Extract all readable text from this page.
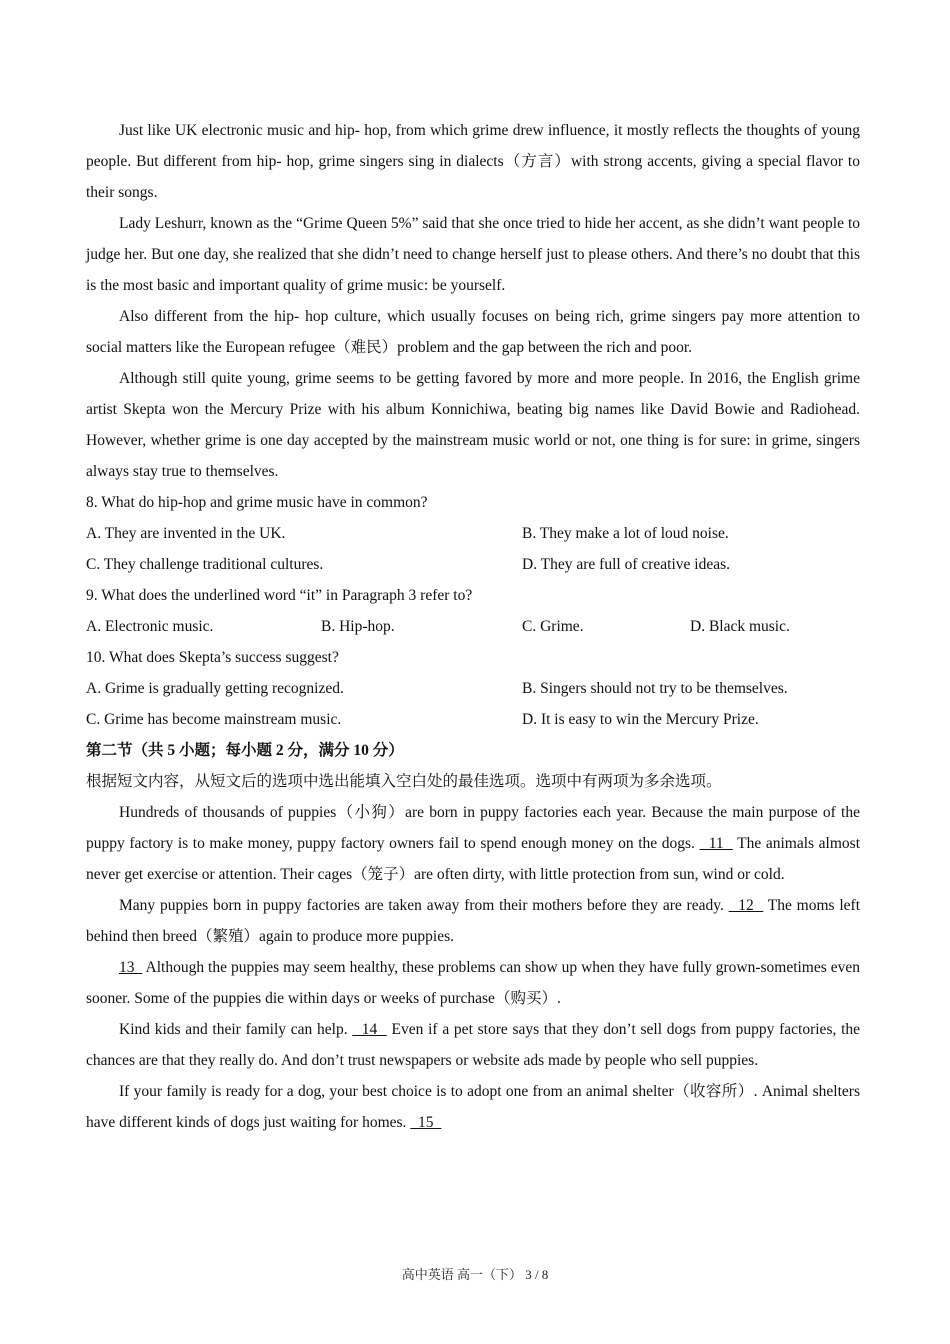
Just like UK electronic music and hip- hop, from which grime drew influence, it mostly reflects the thoughts of young people. But different from hip- hop, grime singers sing in dialects（方言）with strong accents, giving a special flavor to their songs.

Lady Leshurr, known as the “Grime Queen 5%” said that she once tried to hide her accent, as she didn’t want people to judge her. But one day, she realized that she didn’t need to change herself just to please others. And there’s no doubt that this is the most basic and important quality of grime music: be yourself.

Also different from the hip- hop culture, which usually focuses on being rich, grime singers pay more attention to social matters like the European refugee（难民）problem and the gap between the rich and poor.

Although still quite young, grime seems to be getting favored by more and more people. In 2016, the English grime artist Skepta won the Mercury Prize with his album Konnichiwa, beating big names like David Bowie and Radiohead. However, whether grime is one day accepted by the mainstream music world or not, one thing is for sure: in grime, singers always stay true to themselves.

8. What do hip-hop and grime music have in common?

A. They are invented in the UK.	B. They make a lot of loud noise.
C. They challenge traditional cultures.	D. They are full of creative ideas.

9. What does the underlined word “it” in Paragraph 3 refer to?

A. Electronic music.	B. Hip-hop.	C. Grime.	D. Black music.

10. What does Skepta’s success suggest?

A. Grime is gradually getting recognized.	B. Singers should not try to be themselves.
C. Grime has become mainstream music.	D. It is easy to win the Mercury Prize.

第二节（共 5 小题；每小题 2 分，满分 10 分）

根据短文内容，从短文后的选项中选出能填入空白处的最佳选项。选项中有两项为多余选项。

Hundreds of thousands of puppies（小狗）are born in puppy factories each year. Because the main purpose of the puppy factory is to make money, puppy factory owners fail to spend enough money on the dogs.   11   The animals almost never get exercise or attention. Their cages（笼子）are often dirty, with little protection from sun, wind or cold.

Many puppies born in puppy factories are taken away from their mothers before they are ready.   12   The moms left behind then breed（繁殖）again to produce more puppies.

13   Although the puppies may seem healthy, these problems can show up when they have fully grown-sometimes even sooner. Some of the puppies die within days or weeks of purchase（购买）.

Kind kids and their family can help.   14   Even if a pet store says that they don’t sell dogs from puppy factories, the chances are that they really do. And don’t trust newspapers or website ads made by people who sell puppies.

If your family is ready for a dog, your best choice is to adopt one from an animal shelter（收容所）. Animal shelters have different kinds of dogs just waiting for homes.   15

高中英语 高一（下） 3 / 8
